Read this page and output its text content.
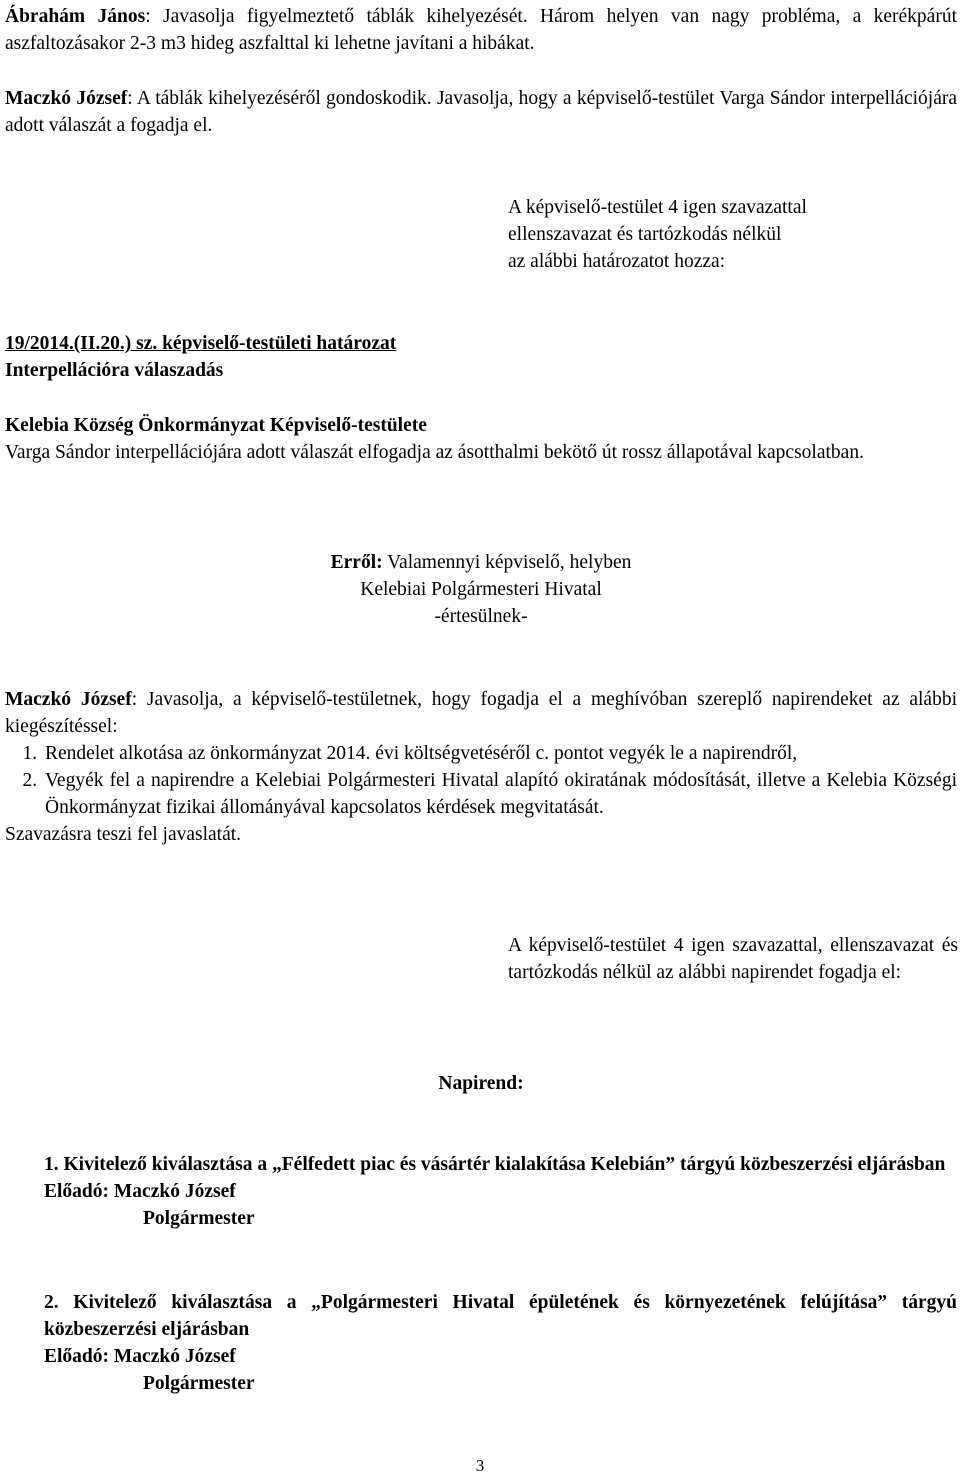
Ábrahám János: Javasolja figyelmeztető táblák kihelyezését. Három helyen van nagy probléma, a kerékpárút aszfaltozásakor 2-3 m3 hideg aszfalttal ki lehetne javítani a hibákat.

Maczkó József: A táblák kihelyezéséről gondoskodik. Javasolja, hogy a képviselő-testület Varga Sándor interpellációjára adott válaszát a fogadja el.

A képviselő-testület 4 igen szavazattal
ellenszavazat és tartózkodás nélkül
az alábbi határozatot hozza:
19/2014.(II.20.) sz. képviselő-testületi határozat
Interpellációra válaszadás
Kelebia Község Önkormányzat Képviselő-testülete
Varga Sándor interpellációjára adott válaszát elfogadja az ásotthalmi bekötő út rossz állapotával kapcsolatban.
Erről: Valamennyi képviselő, helyben
Kelebiai Polgármesteri Hivatal
-értesülnek-

Maczkó József: Javasolja, a képviselő-testületnek, hogy fogadja el a meghívóban szereplő napirendeket az alábbi kiegészítéssel:

1. Rendelet alkotása az önkormányzat 2014. évi költségvetéséről c. pontot vegyék le a napirendről,
2. Vegyék fel a napirendre a Kelebiai Polgármesteri Hivatal alapító okiratának módosítását, illetve a Kelebia Községi Önkormányzat fizikai állományával kapcsolatos kérdések megvitatását.
Szavazásra teszi fel javaslatát.

A képviselő-testület 4 igen szavazattal, ellenszavazat és tartózkodás nélkül az alábbi napirendet fogadja el:

Napirend:

1. Kivitelező kiválasztása a „Félfedett piac és vásártér kialakítása Kelebián” tárgyú közbeszerzési eljárásban

Előadó: Maczkó József

Polgármester

2. Kivitelező kiválasztása a „Polgármesteri Hivatal épületének és környezetének felújítása” tárgyú közbeszerzési eljárásban

Előadó: Maczkó József

Polgármester

3
